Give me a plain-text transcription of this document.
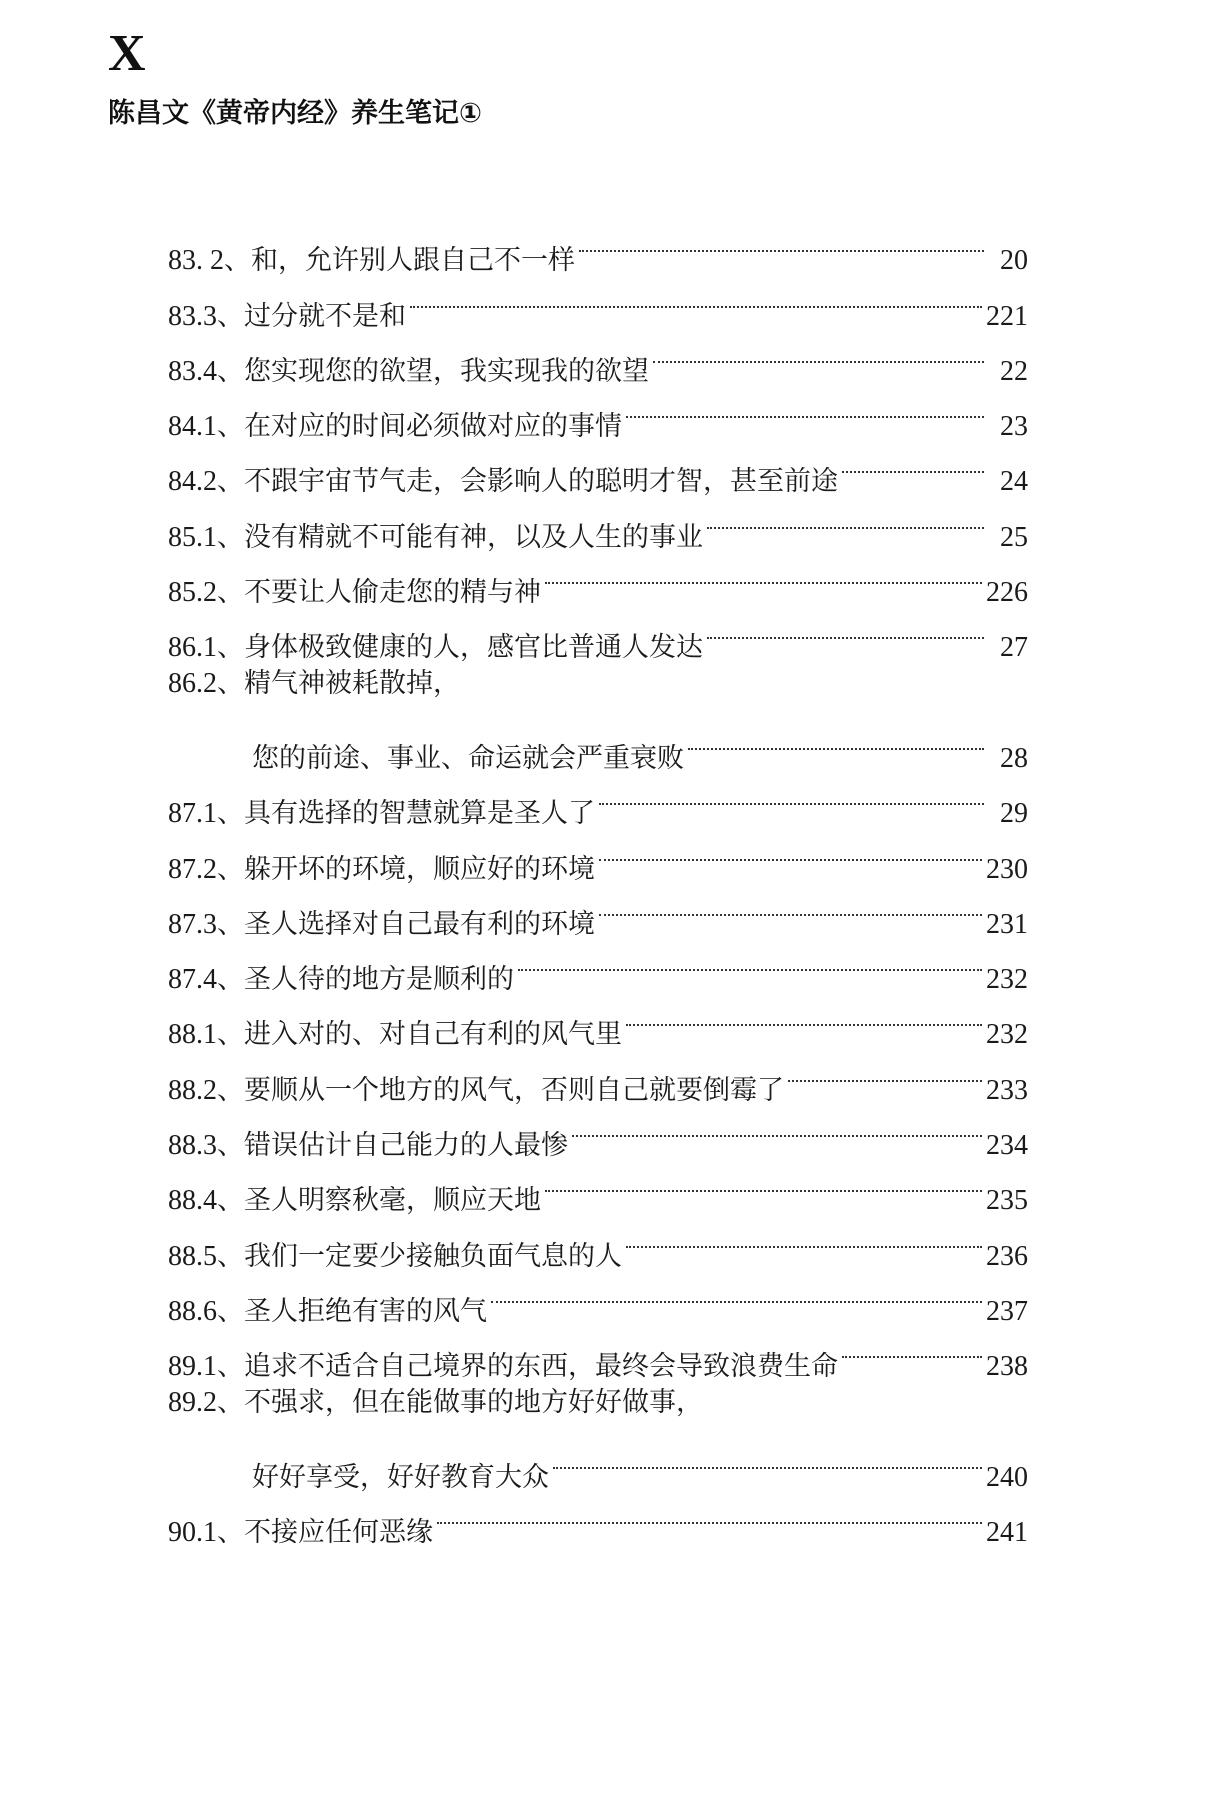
X
陈昌文《黄帝内经》养生笔记①
83. 2 、 和，允许别人跟自己不一样	20
83.3 、 过分就不是和	221
83.4 、 您实现您的欲望，我实现我的欲望	22
84.1 、 在对应的时间必须做对应的事情	23
84.2 、 不跟宇宙节气走，会影响人的聪明才智，甚至前途	24
85.1 、 没有精就不可能有神，以及人生的事业	25
85.2 、 不要让人偷走您的精与神	226
86.1 、 身体极致健康的人，感官比普通人发达	27
86.2 、 精气神被耗散掉，
您的前途、事业、命运就会严重衰败	28
87.1 、 具有选择的智慧就算是圣人了	29
87.2 、 躲开坏的环境，顺应好的环境	230
87.3 、 圣人选择对自己最有利的环境	231
87.4 、 圣人待的地方是顺利的	232
88.1 、 进入对的、对自己有利的风气里	232
88.2 、 要顺从一个地方的风气，否则自己就要倒霉了	233
88.3 、 错误估计自己能力的人最惨	234
88.4 、 圣人明察秋毫，顺应天地	235
88.5 、 我们一定要少接触负面气息的人	236
88.6 、 圣人拒绝有害的风气	237
89.1 、 追求不适合自己境界的东西，最终会导致浪费生命	238
89.2 、 不强求，但在能做事的地方好好做事，
好好享受，好好教育大众	240
90.1 、 不接应任何恶缘	241
